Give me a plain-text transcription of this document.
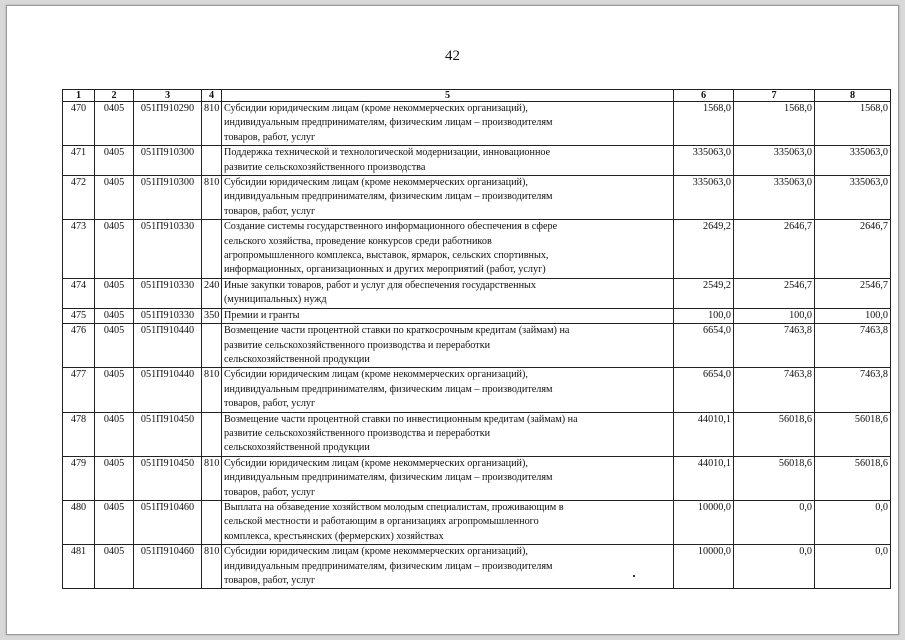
42
1	2	3	4	5	6	7	8
470	0405	051П910290	810	Субсидии юридическим лицам (кроме некоммерческих организаций),
индивидуальным предпринимателям, физическим лицам – производителям
товаров, работ, услуг	1568,0	1568,0	1568,0
471	0405	051П910300		Поддержка технической и технологической модернизации, инновационное
развитие сельскохозяйственного производства	335063,0	335063,0	335063,0
472	0405	051П910300	810	Субсидии юридическим лицам (кроме некоммерческих организаций),
индивидуальным предпринимателям, физическим лицам – производителям
товаров, работ, услуг	335063,0	335063,0	335063,0
473	0405	051П910330		Создание системы государственного информационного обеспечения в сфере
сельского хозяйства, проведение конкурсов среди работников
агропромышленного комплекса, выставок, ярмарок, сельских спортивных,
информационных, организационных и других мероприятий (работ, услуг)	2649,2	2646,7	2646,7
474	0405	051П910330	240	Иные закупки товаров, работ и услуг для обеспечения государственных
(муниципальных) нужд	2549,2	2546,7	2546,7
475	0405	051П910330	350	Премии и гранты	100,0	100,0	100,0
476	0405	051П910440		Возмещение части процентной ставки по краткосрочным кредитам (займам) на
развитие сельскохозяйственного производства и переработки
сельскохозяйственной продукции	6654,0	7463,8	7463,8
477	0405	051П910440	810	Субсидии юридическим лицам (кроме некоммерческих организаций),
индивидуальным предпринимателям, физическим лицам – производителям
товаров, работ, услуг	6654,0	7463,8	7463,8
478	0405	051П910450		Возмещение части процентной ставки по инвестиционным кредитам (займам) на
развитие сельскохозяйственного производства и переработки
сельскохозяйственной продукции	44010,1	56018,6	56018,6
479	0405	051П910450	810	Субсидии юридическим лицам (кроме некоммерческих организаций),
индивидуальным предпринимателям, физическим лицам – производителям
товаров, работ, услуг	44010,1	56018,6	56018,6
480	0405	051П910460		Выплата на обзаведение хозяйством молодым специалистам, проживающим в
сельской местности и работающим в организациях агропромышленного
комплекса, крестьянских (фермерских) хозяйствах	10000,0	0,0	0,0
481	0405	051П910460	810	Субсидии юридическим лицам (кроме некоммерческих организаций),
индивидуальным предпринимателям, физическим лицам – производителям
товаров, работ, услуг	10000,0	0,0	0,0
